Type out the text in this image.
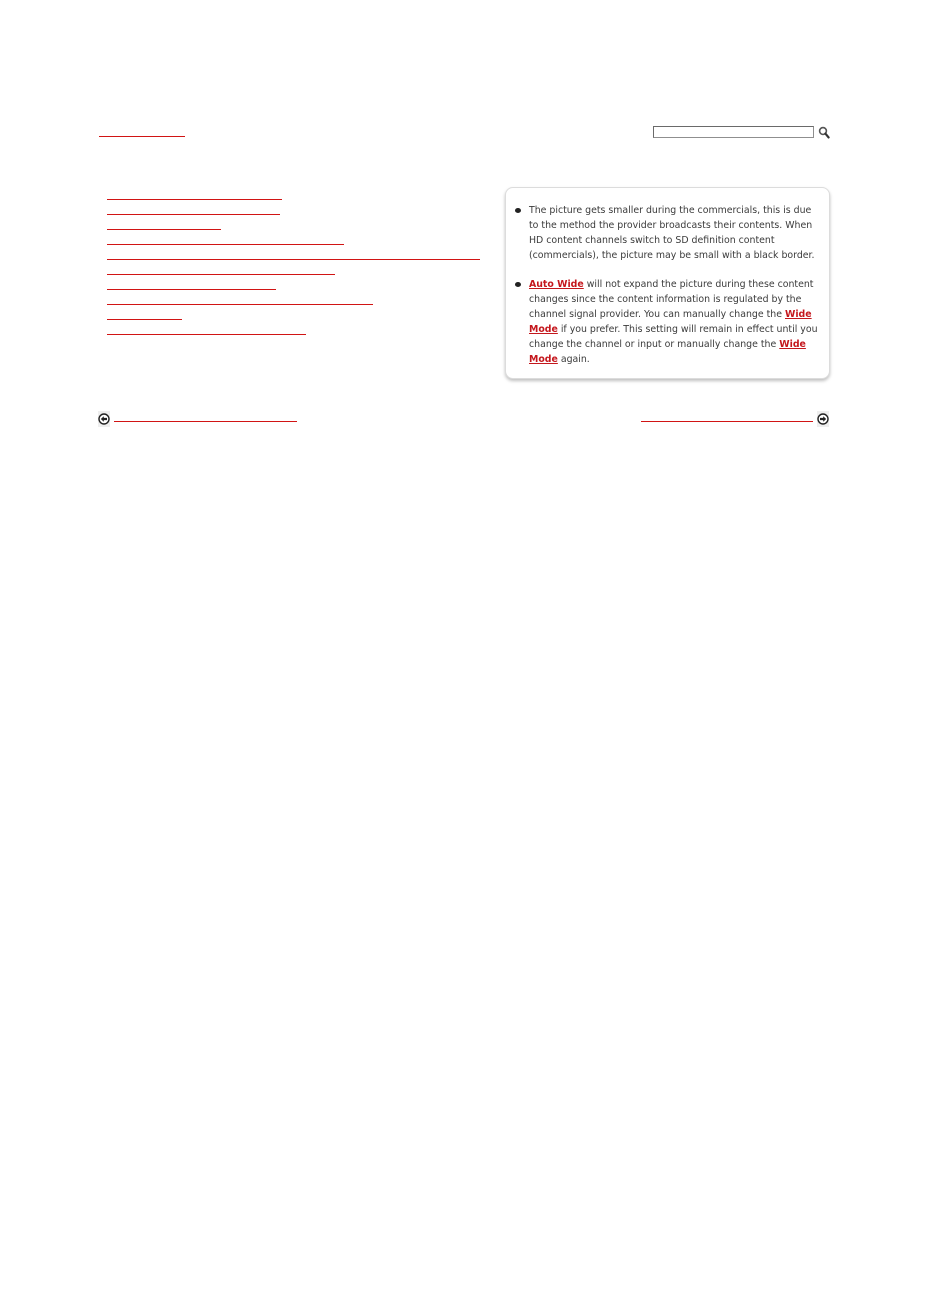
The picture gets smaller during the commercials, this is due to the method the provider broadcasts their contents. When HD content channels switch to SD definition content (commercials), the picture may be small with a black border.
Auto Wide will not expand the picture during these content changes since the content information is regulated by the channel signal provider. You can manually change the Wide Mode if you prefer. This setting will remain in effect until you change the channel or input or manually change the Wide Mode again.
